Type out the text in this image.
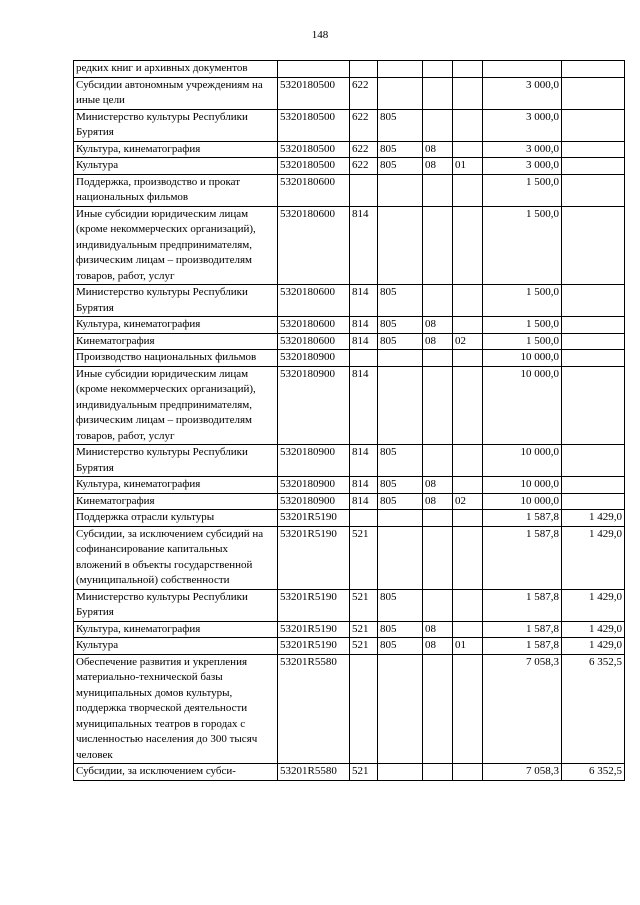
148
редких книг и архивных документов							
Субсидии автономным учреждениям на иные цели	5320180500	622				3 000,0	
Министерство культуры Республики Бурятия	5320180500	622	805			3 000,0	
Культура, кинематография	5320180500	622	805	08		3 000,0	
Культура	5320180500	622	805	08	01	3 000,0	
Поддержка, производство и прокат национальных фильмов	5320180600					1 500,0	
Иные субсидии юридическим лицам (кроме некоммерческих организаций), индивидуальным предпринимателям, физическим лицам – производителям товаров, работ, услуг	5320180600	814				1 500,0	
Министерство культуры Республики Бурятия	5320180600	814	805			1 500,0	
Культура, кинематография	5320180600	814	805	08		1 500,0	
Кинематография	5320180600	814	805	08	02	1 500,0	
Производство национальных фильмов	5320180900					10 000,0	
Иные субсидии юридическим лицам (кроме некоммерческих организаций), индивидуальным предпринимателям, физическим лицам – производителям товаров, работ, услуг	5320180900	814				10 000,0	
Министерство культуры Республики Бурятия	5320180900	814	805			10 000,0	
Культура, кинематография	5320180900	814	805	08		10 000,0	
Кинематография	5320180900	814	805	08	02	10 000,0	
Поддержка отрасли культуры	53201R5190					1 587,8	1 429,0
Субсидии, за исключением субсидий на софинансирование капитальных вложений в объекты государственной (муниципальной) собственности	53201R5190	521				1 587,8	1 429,0
Министерство культуры Республики Бурятия	53201R5190	521	805			1 587,8	1 429,0
Культура, кинематография	53201R5190	521	805	08		1 587,8	1 429,0
Культура	53201R5190	521	805	08	01	1 587,8	1 429,0
Обеспечение развития и укрепления материально-технической базы муниципальных домов культуры, поддержка творческой деятельности муниципальных театров в городах с численностью населения до 300 тысяч человек	53201R5580					7 058,3	6 352,5
Субсидии, за исключением субси-	53201R5580	521				7 058,3	6 352,5
